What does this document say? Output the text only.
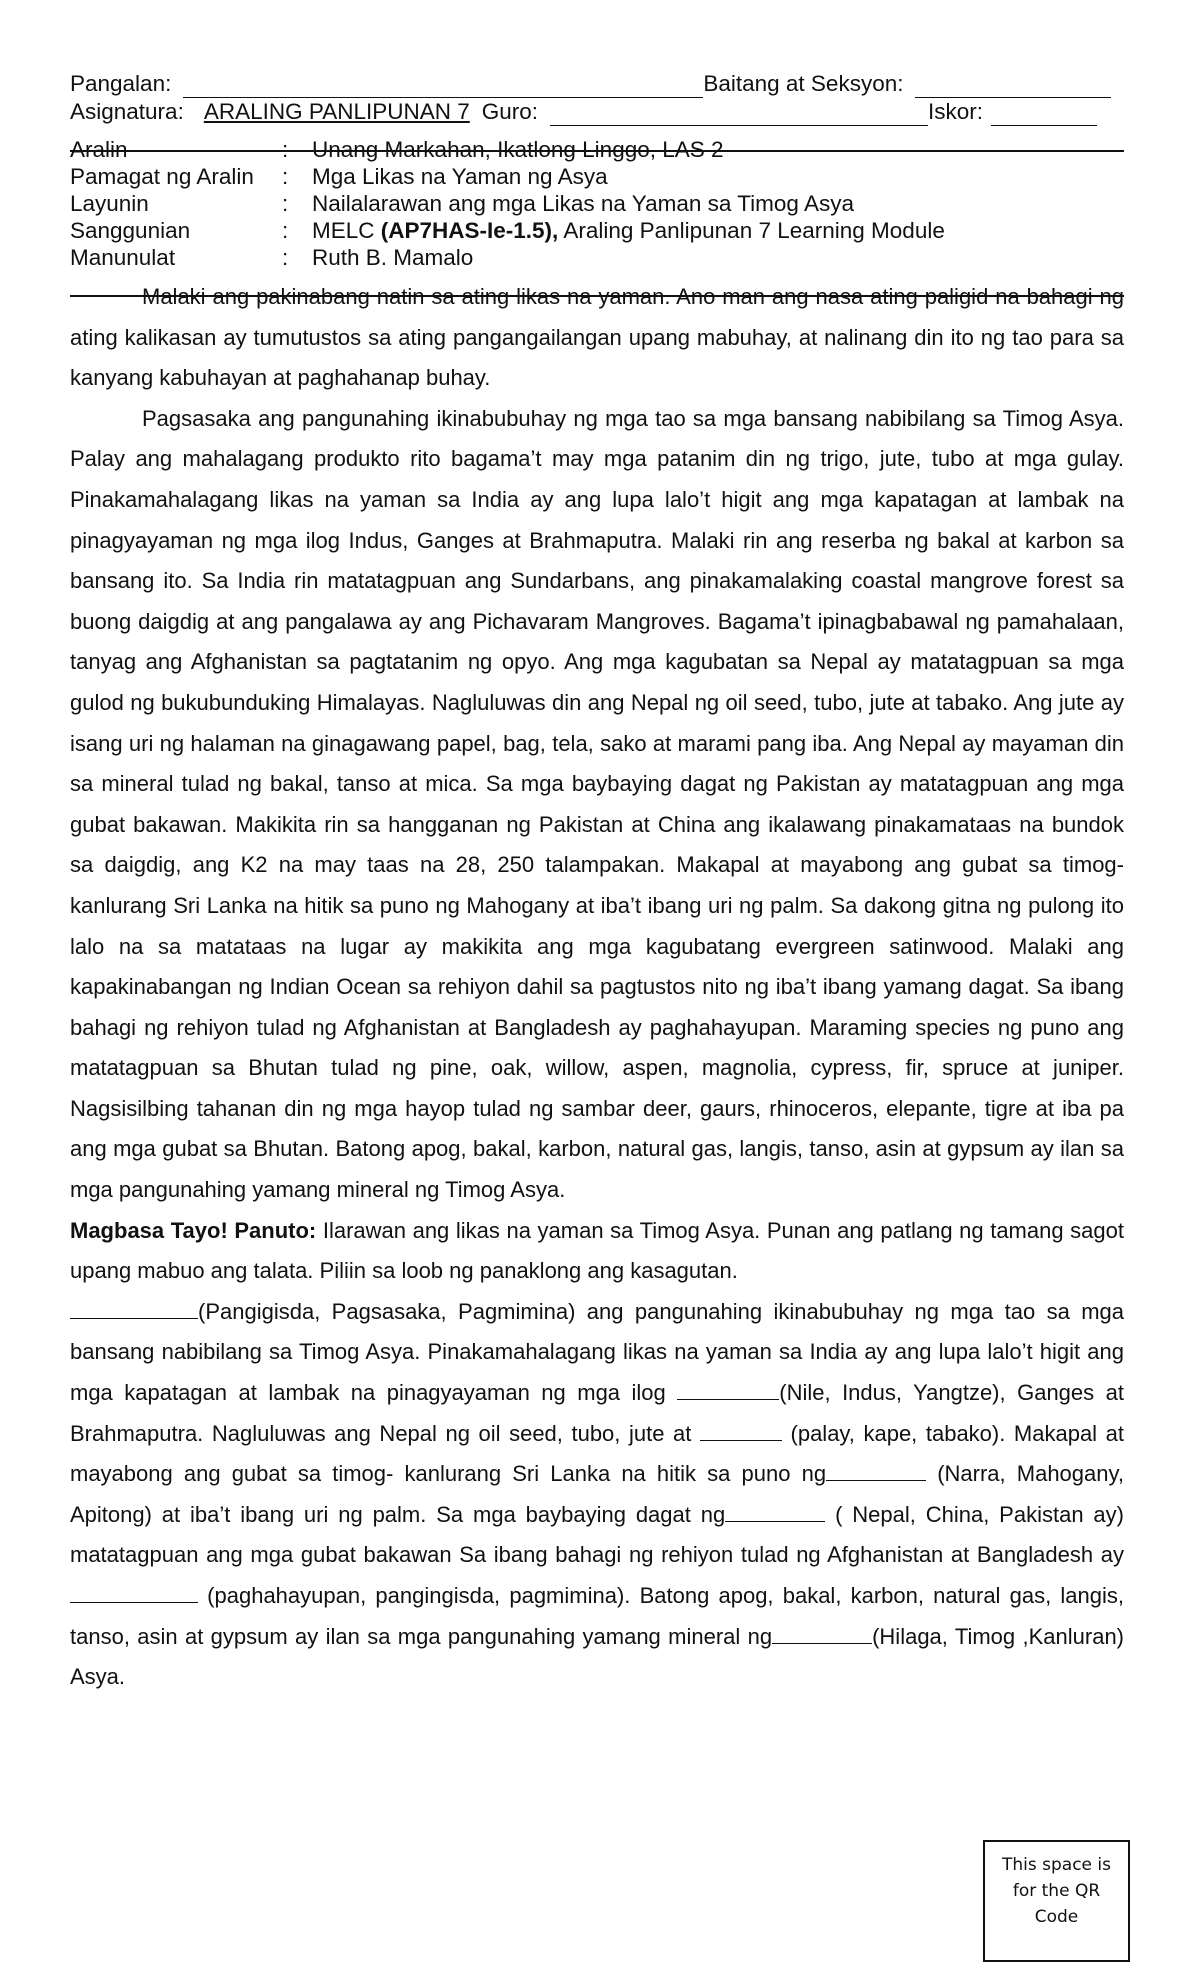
Pangalan:	Baitang at Seksyon:
Asignatura: ARALING PANLIPUNAN 7 Guro:	Iskor:
Aralin	:	Unang Markahan, Ikatlong Linggo, LAS 2
Pamagat ng Aralin	:	Mga Likas na Yaman ng Asya
Layunin	:	Nailalarawan ang mga Likas na Yaman sa Timog Asya
Sanggunian	:	MELC (AP7HAS-Ie-1.5), Araling Panlipunan 7 Learning Module
Manunulat	:	Ruth B. Mamalo

Malaki ang pakinabang natin sa ating likas na yaman. Ano man ang nasa ating paligid na bahagi ng ating kalikasan ay tumutustos sa ating pangangailangan upang mabuhay, at nalinang din ito ng tao para sa kanyang kabuhayan at paghahanap buhay.

Pagsasaka ang pangunahing ikinabubuhay ng mga tao sa mga bansang nabibilang sa Timog Asya. Palay ang mahalagang produkto rito bagama’t may mga patanim din ng trigo, jute, tubo at mga gulay. Pinakamahalagang likas na yaman sa India ay ang lupa lalo’t higit ang mga kapatagan at lambak na pinagyayaman ng mga ilog Indus, Ganges at Brahmaputra. Malaki rin ang reserba ng bakal at karbon sa bansang ito. Sa India rin matatagpuan ang Sundarbans, ang pinakamalaking coastal mangrove forest sa buong daigdig at ang pangalawa ay ang Pichavaram Mangroves. Bagama’t ipinagbabawal ng pamahalaan, tanyag ang Afghanistan sa pagtatanim ng opyo. Ang mga kagubatan sa Nepal ay matatagpuan sa mga gulod ng bukubunduking Himalayas. Nagluluwas din ang Nepal ng oil seed, tubo, jute at tabako. Ang jute ay isang uri ng halaman na ginagawang papel, bag, tela, sako at marami pang iba. Ang Nepal ay mayaman din sa mineral tulad ng bakal, tanso at mica. Sa mga baybaying dagat ng Pakistan ay matatagpuan ang mga gubat bakawan. Makikita rin sa hangganan ng Pakistan at China ang ikalawang pinakamataas na bundok sa daigdig, ang K2 na may taas na 28, 250 talampakan. Makapal at mayabong ang gubat sa timog- kanlurang Sri Lanka na hitik sa puno ng Mahogany at iba’t ibang uri ng palm. Sa dakong gitna ng pulong ito lalo na sa matataas na lugar ay makikita ang mga kagubatang evergreen satinwood. Malaki ang kapakinabangan ng Indian Ocean sa rehiyon dahil sa pagtustos nito ng iba’t ibang yamang dagat. Sa ibang bahagi ng rehiyon tulad ng Afghanistan at Bangladesh ay paghahayupan. Maraming species ng puno ang matatagpuan sa Bhutan tulad ng pine, oak, willow, aspen, magnolia, cypress, fir, spruce at juniper. Nagsisilbing tahanan din ng mga hayop tulad ng sambar deer, gaurs, rhinoceros, elepante, tigre at iba pa ang mga gubat sa Bhutan. Batong apog, bakal, karbon, natural gas, langis, tanso, asin at gypsum ay ilan sa mga pangunahing yamang mineral ng Timog Asya.

Magbasa Tayo! Panuto: Ilarawan ang likas na yaman sa Timog Asya. Punan ang patlang ng tamang sagot upang mabuo ang talata. Piliin sa loob ng panaklong ang kasagutan.

(Pangigisda, Pagsasaka, Pagmimina) ang pangunahing ikinabubuhay ng mga tao sa mga bansang nabibilang sa Timog Asya. Pinakamahalagang likas na yaman sa India ay ang lupa lalo’t higit ang mga kapatagan at lambak na pinagyayaman ng mga ilog	(Nile, Indus, Yangtze), Ganges at Brahmaputra. Nagluluwas ang Nepal ng oil seed, tubo, jute at	(palay, kape, tabako). Makapal at mayabong ang gubat sa timog- kanlurang Sri Lanka na hitik sa puno ng	(Narra, Mahogany, Apitong) at iba’t ibang uri ng palm. Sa mga baybaying dagat ng	( Nepal, China, Pakistan ay) matatagpuan ang mga gubat bakawan Sa ibang bahagi ng rehiyon tulad ng Afghanistan at Bangladesh ay (paghahayupan, pangingisda, pagmimina). Batong apog, bakal, karbon, natural gas, langis, tanso, asin at gypsum ay ilan sa mga pangunahing yamang mineral ng	(Hilaga, Timog ,Kanluran) Asya.

This space is
for the QR
Code
